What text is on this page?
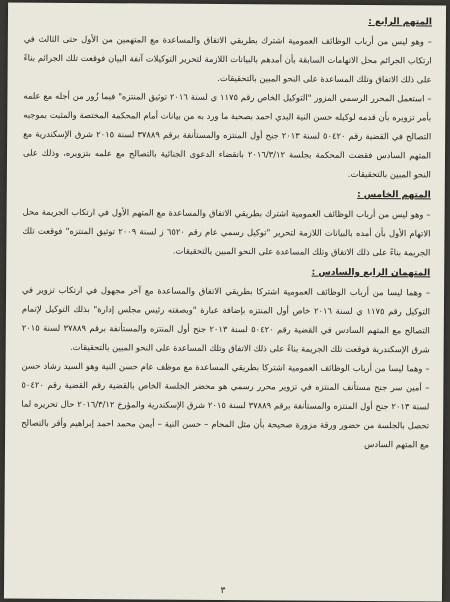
المتهم الرابع :

– وهو ليس من أرباب الوظائف العمومية اشترك بطريقي الاتفاق والمساعدة مع المتهمين من الأول حتى الثالث في ارتكاب الجرائم محل الاتهامات السابقة بأن أمدهم بالبيانات اللازمة لتحرير التوكيلات آنفة البيان فوقعت تلك الجرائم بناءً على ذلك الاتفاق وتلك المساعدة على النحو المبين بالتحقيقات.

– استعمل المحرر الرسمي المزور "التوكيل الخاص رقم ١١٧٥ ي لسنة ٢٠١٦ توثيق المنتزه" فيما زُور من أجله مع علمه بأمر تزويره بأن قدمه لوكيله حسن النية البدي احمد بصحبة ما ورد به من بيانات أمام المحكمة المختصة والمثبت بموجبه التصالح في القضية رقم ٥٠٤٢٠ لسنة ٢٠١٣ جنح أول المنتزه والمستأنفة برقم ٣٧٨٨٩ لسنة ٢٠١٥ شرق الإسكندرية مع المتهم السادس فقضت المحكمة بجلسة ٢٠١٦/٣/١٢ بانقضاء الدعوى الجنائية بالتصالح مع علمه بتزويره، وذلك على النحو المبين بالتحقيقات.

المتهم الخامس :

– وهو ليس من أرباب الوظائف العمومية اشترك بطريقي الاتفاق والمساعدة مع المتهم الأول في ارتكاب الجريمة محل الاتهام الأول بأن أمده بالبيانات اللازمة لتحرير "توكيل رسمي عام رقم ٦٥٢٠ ز لسنة ٢٠٠٩ توثيق المنتزه" فوقعت تلك الجريمة بناءً على ذلك الاتفاق وتلك المساعدة على النحو المبين بالتحقيقات.

المتهمان الرابع والسادس :

– وهما ليسا من أرباب الوظائف العمومية اشتركا بطريقي الاتفاق والمساعدة مع آخر مجهول في ارتكاب تزوير في التوكيل رقم ١١٧٥ ي لسنة ٢٠١٦ خاص أول المنتزه بإضافة عبارة "وبصفته رئيس مجلس إدارة" بذلك التوكيل لإتمام التصالح مع المتهم السادس في القضية رقم ٥٠٤٢٠ لسنة ٢٠١٣ جنح أول المنتزه والمستأنفة برقم ٣٧٨٨٩ لسنة ٢٠١٥ شرق الإسكندرية فوقعت تلك الجريمة بناءً على ذلك الاتفاق وتلك المساعدة على النحو المبين بالتحقيقات.

– وهما ليسا من أرباب الوظائف العمومية اشتركا بطريقي المساعدة مع موظف عام حسن النية وهو السيد رشاد حسن – أمين سر جنح مستأنف المنتزه في تزوير محرر رسمي هو محضر الجلسة الخاص بالقضية رقم القضية رقم ٥٠٤٢٠ لسنة ٢٠١٣ جنح أول المنتزه والمستأنفة برقم ٣٧٨٨٩ لسنة ٢٠١٥ شرق الإسكندرية والمؤرخ ٢٠١٦/٣/١٢ حال تحريره لما تحصل بالجلسة من حضور ورقة مزورة صحيحة بأن مثل المحام – حسن النية – أيمن محمد احمد إبراهيم وأقر بالتصالح مع المتهم السادس

٣
